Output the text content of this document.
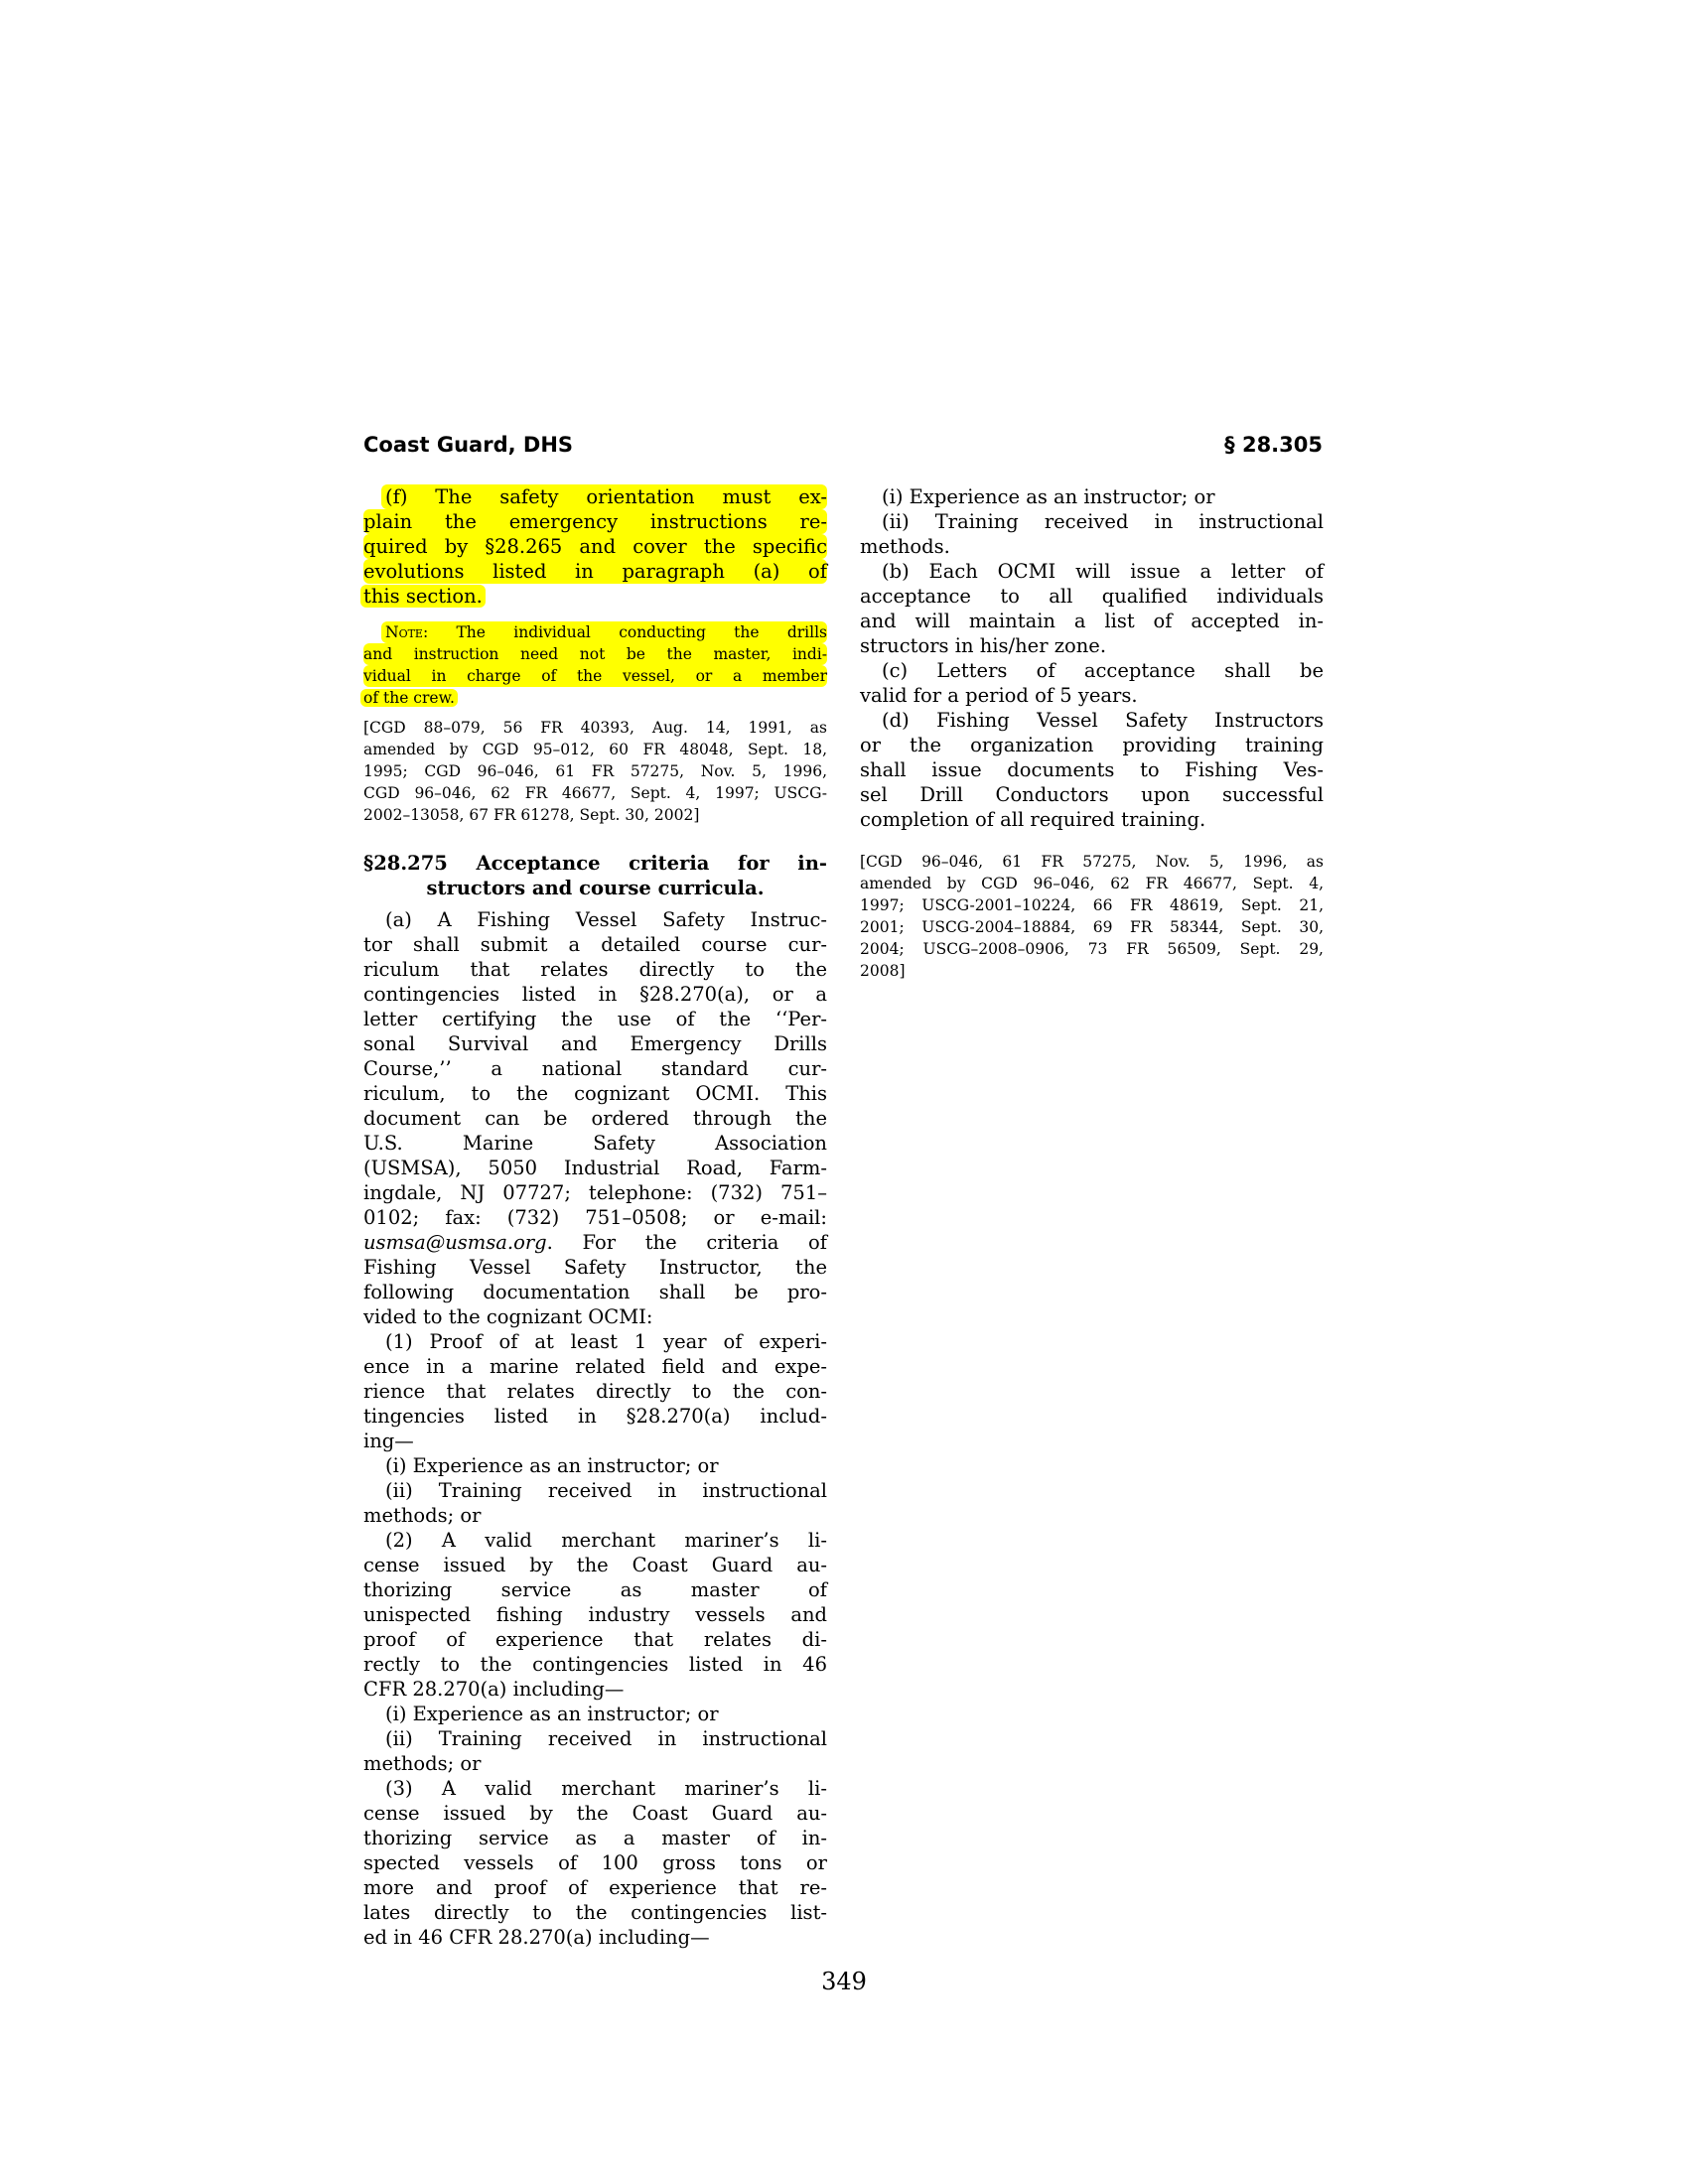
Coast Guard, DHS	§ 28.305
(f) The safety orientation must ex-
plain the emergency instructions re-
quired by §28.265 and cover the specific
evolutions listed in paragraph (a) of
this section.
Note: The individual conducting the drills
and instruction need not be the master, indi-
vidual in charge of the vessel, or a member
of the crew.
[CGD 88–079, 56 FR 40393, Aug. 14, 1991, as
amended by CGD 95–012, 60 FR 48048, Sept. 18,
1995; CGD 96–046, 61 FR 57275, Nov. 5, 1996,
CGD 96–046, 62 FR 46677, Sept. 4, 1997; USCG-
2002–13058, 67 FR 61278, Sept. 30, 2002]
§28.275 Acceptance criteria for in-
structors and course curricula.
(a) A Fishing Vessel Safety Instruc-
tor shall submit a detailed course cur-
riculum that relates directly to the
contingencies listed in §28.270(a), or a
letter certifying the use of the ‘‘Per-
sonal Survival and Emergency Drills
Course,’’ a national standard cur-
riculum, to the cognizant OCMI. This
document can be ordered through the
U.S. Marine Safety Association
(USMSA), 5050 Industrial Road, Farm-
ingdale, NJ 07727; telephone: (732) 751–
0102; fax: (732) 751–0508; or e-mail:
usmsa@usmsa.org. For the criteria of
Fishing Vessel Safety Instructor, the
following documentation shall be pro-
vided to the cognizant OCMI:
(1) Proof of at least 1 year of experi-
ence in a marine related field and expe-
rience that relates directly to the con-
tingencies listed in §28.270(a) includ-
ing—
(i) Experience as an instructor; or
(ii) Training received in instructional
methods; or
(2) A valid merchant mariner’s li-
cense issued by the Coast Guard au-
thorizing service as master of
unispected fishing industry vessels and
proof of experience that relates di-
rectly to the contingencies listed in 46
CFR 28.270(a) including—
(i) Experience as an instructor; or
(ii) Training received in instructional
methods; or
(3) A valid merchant mariner’s li-
cense issued by the Coast Guard au-
thorizing service as a master of in-
spected vessels of 100 gross tons or
more and proof of experience that re-
lates directly to the contingencies list-
ed in 46 CFR 28.270(a) including—
(i) Experience as an instructor; or
(ii) Training received in instructional
methods.
(b) Each OCMI will issue a letter of
acceptance to all qualified individuals
and will maintain a list of accepted in-
structors in his/her zone.
(c) Letters of acceptance shall be
valid for a period of 5 years.
(d) Fishing Vessel Safety Instructors
or the organization providing training
shall issue documents to Fishing Ves-
sel Drill Conductors upon successful
completion of all required training.
[CGD 96–046, 61 FR 57275, Nov. 5, 1996, as
amended by CGD 96–046, 62 FR 46677, Sept. 4,
1997; USCG-2001–10224, 66 FR 48619, Sept. 21,
2001; USCG-2004–18884, 69 FR 58344, Sept. 30,
2004; USCG–2008–0906, 73 FR 56509, Sept. 29,
2008]
349
